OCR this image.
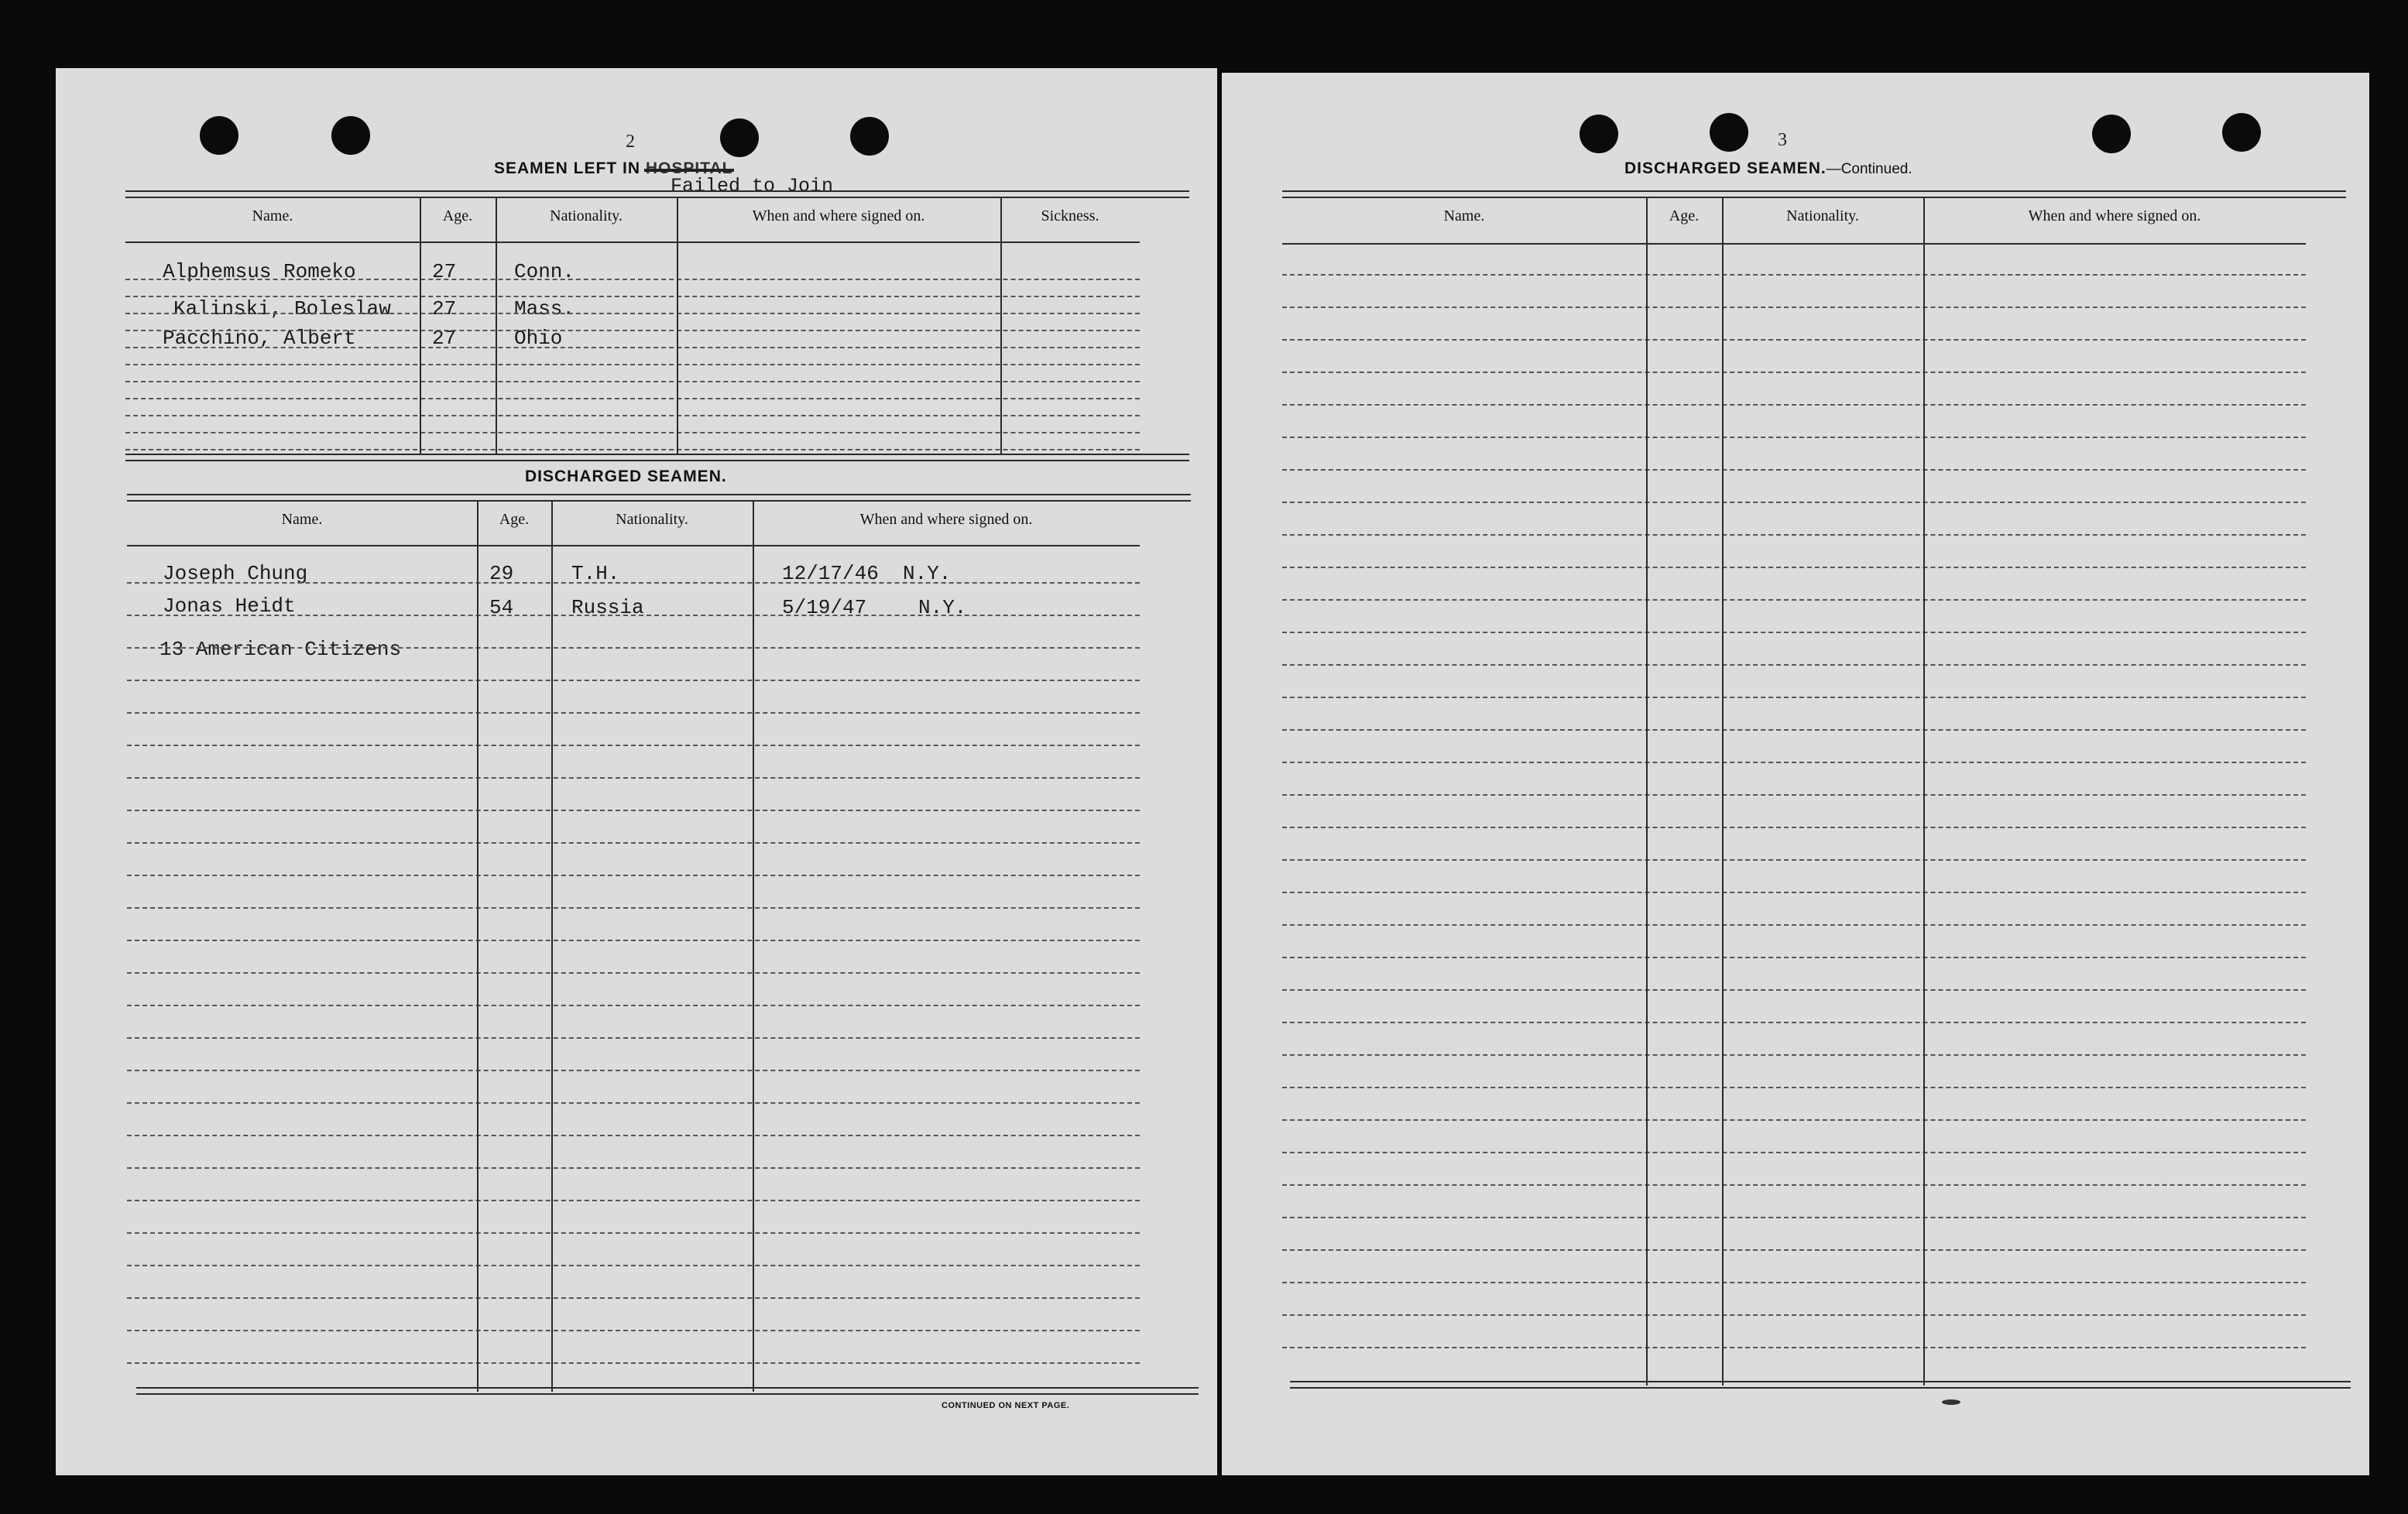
2
SEAMEN LEFT IN HOSPITAL
Failed to Join
DISCHARGED SEAMEN.
Alphemsus Romeko	27	Conn.
Kalinski, Boleslaw 27	Mass.
Pacchino, Albert	27	Ohio
Joseph Chung	29	T.H.	12/17/46 N.Y.
Jonas Heidt	54	Russia	5/19/47	N.Y.
13 American Citizens
CONTINUED ON NEXT PAGE.
Name.	Age.	Nationality.	When and where signed on.	Sickness.
Name.	Age.	Nationality.	When and where signed on.
3
DISCHARGED SEAMEN.—Continued.
Name.	Age.	Nationality.	When and where signed on.
